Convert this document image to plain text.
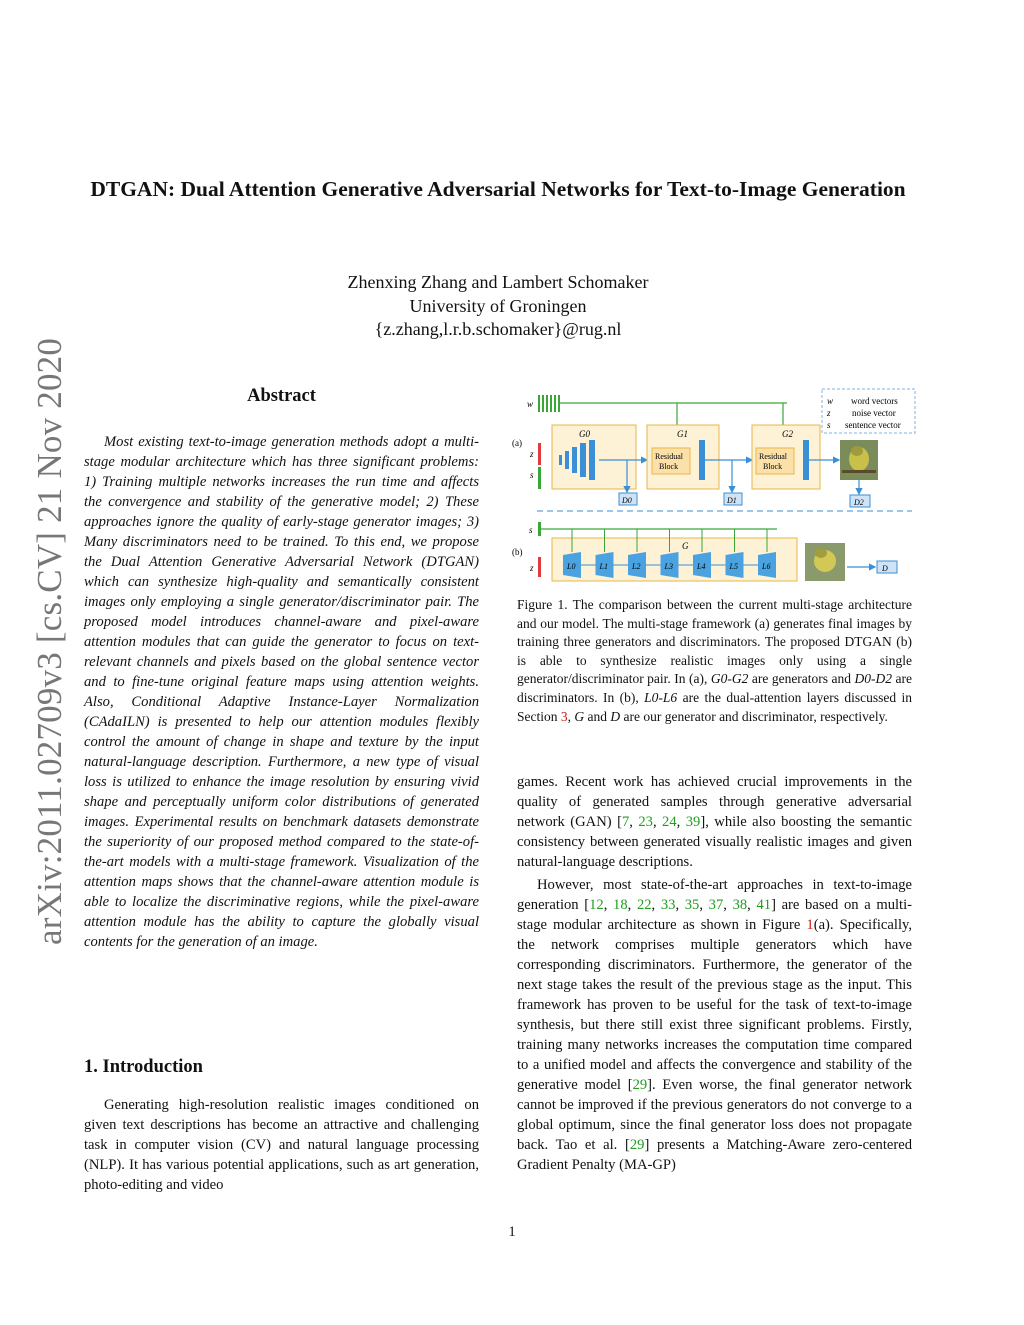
arXiv:2011.02709v3 [cs.CV] 21 Nov 2020
DTGAN: Dual Attention Generative Adversarial Networks for Text-to-Image Generation
Zhenxing Zhang and Lambert Schomaker
University of Groningen
{z.zhang,l.r.b.schomaker}@rug.nl
Abstract

Most existing text-to-image generation methods adopt a multi-stage modular architecture which has three significant problems: 1) Training multiple networks increases the run time and affects the convergence and stability of the generative model; 2) These approaches ignore the quality of early-stage generator images; 3) Many discriminators need to be trained. To this end, we propose the Dual Attention Generative Adversarial Network (DTGAN) which can synthesize high-quality and semantically consistent images only employing a single generator/discriminator pair. The proposed model introduces channel-aware and pixel-aware attention modules that can guide the generator to focus on text-relevant channels and pixels based on the global sentence vector and to fine-tune original feature maps using attention weights. Also, Conditional Adaptive Instance-Layer Normalization (CAdaILN) is presented to help our attention modules flexibly control the amount of change in shape and texture by the input natural-language description. Furthermore, a new type of visual loss is utilized to enhance the image resolution by ensuring vivid shape and perceptually uniform color distributions of generated images. Experimental results on benchmark datasets demonstrate the superiority of our proposed method compared to the state-of-the-art models with a multi-stage framework. Visualization of the attention maps shows that the channel-aware attention module is able to localize the discriminative regions, while the pixel-aware attention module has the ability to capture the globally visual contents for the generation of an image.

1. Introduction

Generating high-resolution realistic images conditioned on given text descriptions has become an attractive and challenging task in computer vision (CV) and natural language processing (NLP). It has various potential applications, such as art generation, photo-editing and video

w word vectors
z noise vector
s sentence vector
(a)
w
z
s
G0
D0
G1
Residual
Block
D1
G2
Residual
Block
D2
(b)
s
z
G
L0	L1	L2	L3	L4	L5	L6	D

Figure 1. The comparison between the current multi-stage architecture and our model. The multi-stage framework (a) generates final images by training three generators and discriminators. The proposed DTGAN (b) is able to synthesize realistic images only using a single generator/discriminator pair. In (a), G0-G2 are generators and D0-D2 are discriminators. In (b), L0-L6 are the dual-attention layers discussed in Section 3, G and D are our generator and discriminator, respectively.

games. Recent work has achieved crucial improvements in the quality of generated samples through generative adversarial network (GAN) [7, 23, 24, 39], while also boosting the semantic consistency between generated visually realistic images and given natural-language descriptions.

However, most state-of-the-art approaches in text-to-image generation [12, 18, 22, 33, 35, 37, 38, 41] are based on a multi-stage modular architecture as shown in Figure 1(a). Specifically, the network comprises multiple generators which have corresponding discriminators. Furthermore, the generator of the next stage takes the result of the previous stage as the input. This framework has proven to be useful for the task of text-to-image synthesis, but there still exist three significant problems. Firstly, training many networks increases the computation time compared to a unified model and affects the convergence and stability of the generative model [29]. Even worse, the final generator network cannot be improved if the previous generators do not converge to a global optimum, since the final generator loss does not propagate back. Tao et al. [29] presents a Matching-Aware zero-centered Gradient Penalty (MA-GP)

1
